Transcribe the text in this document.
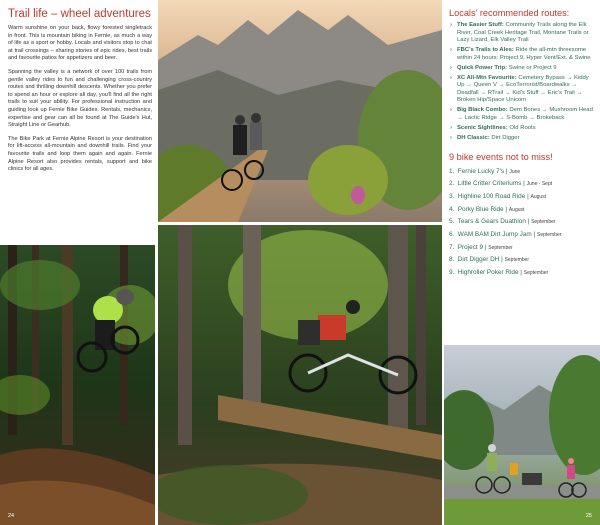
Trail life – wheel adventures

Warm sunshine on your back, flowy forested singletrack in front. This is mountain biking in Fernie, as much a way of life as a sport or hobby. Locals and visitors stop to chat at trail crossings – sharing stories of epic rides, best trails and favourite patios for appetizers and beer.

Spanning the valley is a network of over 100 trails from gentle valley rides to fun and challenging cross-country routes and thrilling downhill descents. Whether you prefer to spend an hour or explore all day, you'll find all the right trails to suit your ability. For professional instruction and guiding look up Fernie Bike Guides. Rentals, mechanics, expertise and gear can all be found at The Guide's Hut, Straight Line or Gearhub.

The Bike Park at Fernie Alpine Resort is your destination for lift-access all-mountain and downhill trails. Find your favourite trails and loop them again and again. Fernie Alpine Resort also provides rentals, support and bike clinics for all ages.

Locals' recommended routes:
› The Easier Stuff: Community Trails along the Elk River, Coal Creek Heritage Trail, Montane Trails or Lazy Lizard, Elk Valley Trail
› FBC's Trails to Ales: Ride the all-mtn threesome within 24 hours: Project 9, Hyper Vent/Ext. & Swine
› Quick Power Trip: Swine or Project 9
› XC All-Mtn Favourite: Cemetery Bypass → Kiddy Up → Queen V → EcoTerrorist/Boardwalks → Deadfall → RTrail → Kid's Stuff → Eric's Trail → Broken Hip/Space Unicorn
› Big Black Combo: Dem Bones → Mushroom Head → Lactic Ridge → S-Bomb → Brokeback
› Scenic Sightlines: Old Roots
› DH Classic: Dirt Digger
9 bike events not to miss!
1. Fernie Lucky 7's | June
2. Little Critter Criteriums | June - Sept
3. Highline 100 Road Ride | August
4. Porky Blue Ride | August
5. Tears & Gears Duathlon | September
6. WAM BAM Dirt Jump Jam | September
7. Project 9 | September
8. Dirt Digger DH | September
9. Highroller Poker Ride | September
24	25
